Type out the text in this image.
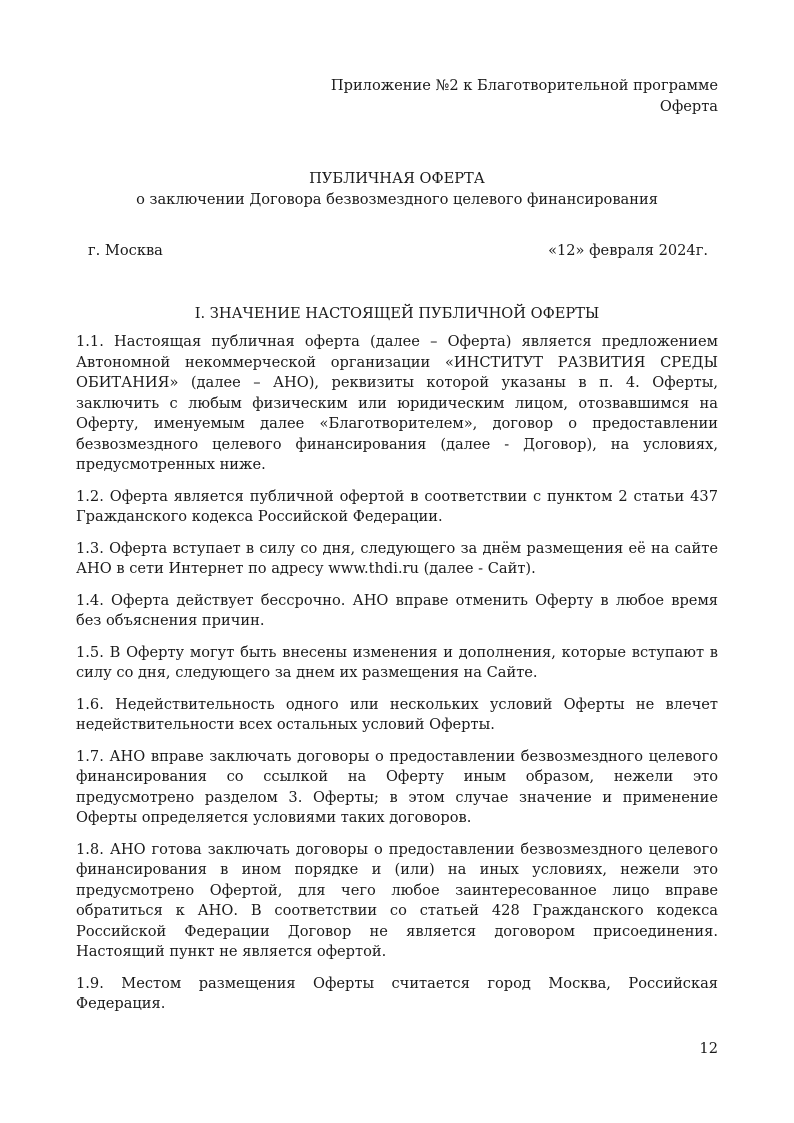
Приложение №2 к Благотворительной программе
Оферта
ПУБЛИЧНАЯ ОФЕРТА
о заключении Договора безвозмездного целевого финансирования
г. Москва	«12» февраля 2024г.
I. ЗНАЧЕНИЕ НАСТОЯЩЕЙ ПУБЛИЧНОЙ ОФЕРТЫ

1.1. Настоящая публичная оферта (далее – Оферта) является предложением Автономной некоммерческой организации «ИНСТИТУТ РАЗВИТИЯ СРЕДЫ ОБИТАНИЯ» (далее – АНО), реквизиты которой указаны в п. 4. Оферты, заключить с любым физическим или юридическим лицом, отозвавшимся на Оферту, именуемым далее «Благотворителем», договор о предоставлении безвозмездного целевого финансирования (далее - Договор), на условиях, предусмотренных ниже.

1.2. Оферта является публичной офертой в соответствии с пунктом 2 статьи 437 Гражданского кодекса Российской Федерации.

1.3. Оферта вступает в силу со дня, следующего за днём размещения её на сайте АНО в сети Интернет по адресу www.thdi.ru (далее - Сайт).

1.4. Оферта действует бессрочно. АНО вправе отменить Оферту в любое время без объяснения причин.

1.5. В Оферту могут быть внесены изменения и дополнения, которые вступают в силу со дня, следующего за днем их размещения на Сайте.

1.6. Недействительность одного или нескольких условий Оферты не влечет недействительности всех остальных условий Оферты.

1.7. АНО вправе заключать договоры о предоставлении безвозмездного целевого финансирования со ссылкой на Оферту иным образом, нежели это предусмотрено разделом 3. Оферты; в этом случае значение и применение Оферты определяется условиями таких договоров.

1.8. АНО готова заключать договоры о предоставлении безвозмездного целевого финансирования в ином порядке и (или) на иных условиях, нежели это предусмотрено Офертой, для чего любое заинтересованное лицо вправе обратиться к АНО. В соответствии со статьей 428 Гражданского кодекса Российской Федерации Договор не является договором присоединения. Настоящий пункт не является офертой.

1.9. Местом размещения Оферты считается город Москва, Российская Федерация.

12
